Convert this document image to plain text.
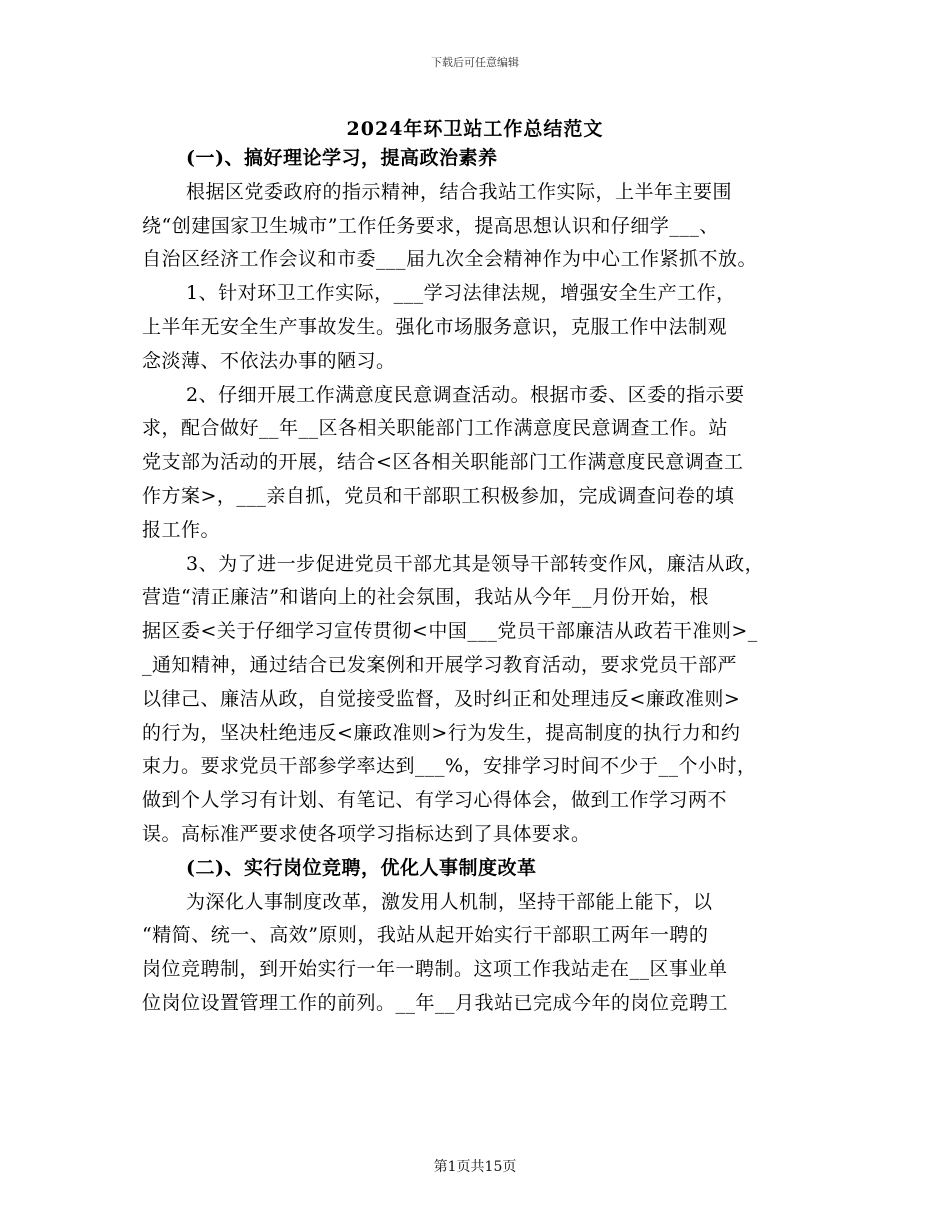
下载后可任意编辑
2024年环卫站工作总结范文
(一)、搞好理论学习，提高政治素养
根据区党委政府的指示精神，结合我站工作实际，上半年主要围
绕“创建国家卫生城市”工作任务要求，提高思想认识和仔细学___、
自治区经济工作会议和市委___届九次全会精神作为中心工作紧抓不放。
1、针对环卫工作实际，___学习法律法规，增强安全生产工作，
上半年无安全生产事故发生。强化市场服务意识，克服工作中法制观
念淡薄、不依法办事的陋习。
2、仔细开展工作满意度民意调查活动。根据市委、区委的指示要
求，配合做好__年__区各相关职能部门工作满意度民意调查工作。站
党支部为活动的开展，结合<区各相关职能部门工作满意度民意调查工
作方案>，___亲自抓，党员和干部职工积极参加，完成调查问卷的填
报工作。
3、为了进一步促进党员干部尤其是领导干部转变作风，廉洁从政，
营造“清正廉洁”和谐向上的社会氛围，我站从今年__月份开始，根
据区委<关于仔细学习宣传贯彻<中国___党员干部廉洁从政若干准则>_
_通知精神，通过结合已发案例和开展学习教育活动，要求党员干部严
以律己、廉洁从政，自觉接受监督，及时纠正和处理违反<廉政准则>
的行为，坚决杜绝违反<廉政准则>行为发生，提高制度的执行力和约
束力。要求党员干部参学率达到___%，安排学习时间不少于__个小时，
做到个人学习有计划、有笔记、有学习心得体会，做到工作学习两不
误。高标准严要求使各项学习指标达到了具体要求。
(二)、实行岗位竞聘，优化人事制度改革
为深化人事制度改革，激发用人机制，坚持干部能上能下，以
“精简、统一、高效”原则，我站从起开始实行干部职工两年一聘的
岗位竞聘制，到开始实行一年一聘制。这项工作我站走在__区事业单
位岗位设置管理工作的前列。__年__月我站已完成今年的岗位竞聘工
第1页共15页
